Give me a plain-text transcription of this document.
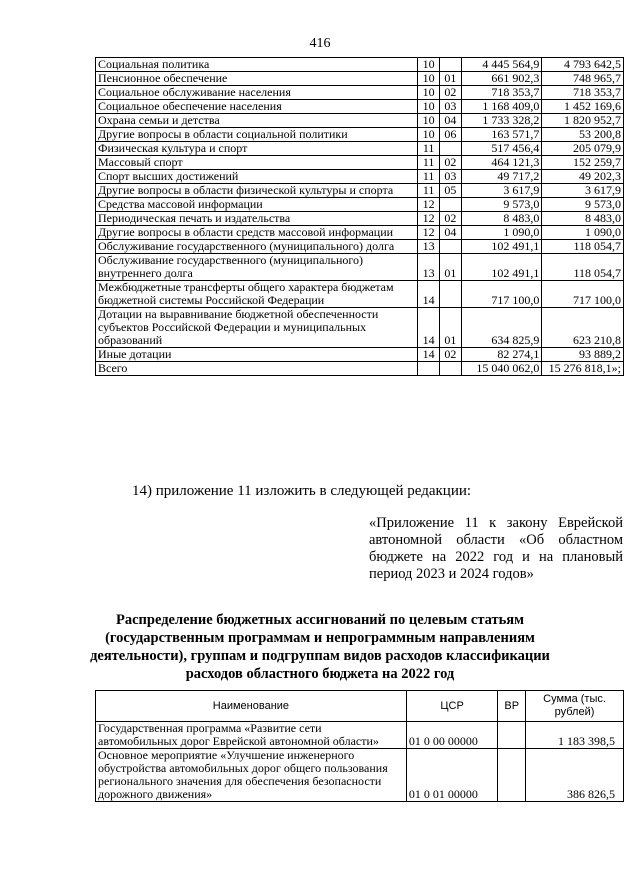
416
Социальная политика	10		4 445 564,9	4 793 642,5
Пенсионное обеспечение	10	01	661 902,3	748 965,7
Социальное обслуживание населения	10	02	718 353,7	718 353,7
Социальное обеспечение населения	10	03	1 168 409,0	1 452 169,6
Охрана семьи и детства	10	04	1 733 328,2	1 820 952,7
Другие вопросы в области социальной политики	10	06	163 571,7	53 200,8
Физическая культура и спорт	11		517 456,4	205 079,9
Массовый спорт	11	02	464 121,3	152 259,7
Спорт высших достижений	11	03	49 717,2	49 202,3
Другие вопросы в области физической культуры и спорта	11	05	3 617,9	3 617,9
Средства массовой информации	12		9 573,0	9 573,0
Периодическая печать и издательства	12	02	8 483,0	8 483,0
Другие вопросы в области средств массовой информации	12	04	1 090,0	1 090,0
Обслуживание государственного (муниципального) долга	13		102 491,1	118 054,7
Обслуживание государственного (муниципального) внутреннего долга	13	01	102 491,1	118 054,7
Межбюджетные трансферты общего характера бюджетам бюджетной системы Российской Федерации	14		717 100,0	717 100,0
Дотации на выравнивание бюджетной обеспеченности субъектов Российской Федерации и муниципальных образований	14	01	634 825,9	623 210,8
Иные дотации	14	02	82 274,1	93 889,2
Всего			15 040 062,0	15 276 818,1»;
14) приложение 11 изложить в следующей редакции:
«Приложение 11 к закону Еврейской автономной области «Об областном бюджете на 2022 год и на плановый период 2023 и 2024 годов»
Распределение бюджетных ассигнований по целевым статьям (государственным программам и непрограммным направлениям деятельности), группам и подгруппам видов расходов классификации расходов областного бюджета на 2022 год
Наименование	ЦСР	ВР	Сумма (тыс. рублей)
Государственная программа «Развитие сети автомобильных дорог Еврейской автономной области»	01 0 00 00000		1 183 398,5
Основное мероприятие «Улучшение инженерного обустройства автомобильных дорог общего пользования регионального значения для обеспечения безопасности дорожного движения»	01 0 01 00000		386 826,5
